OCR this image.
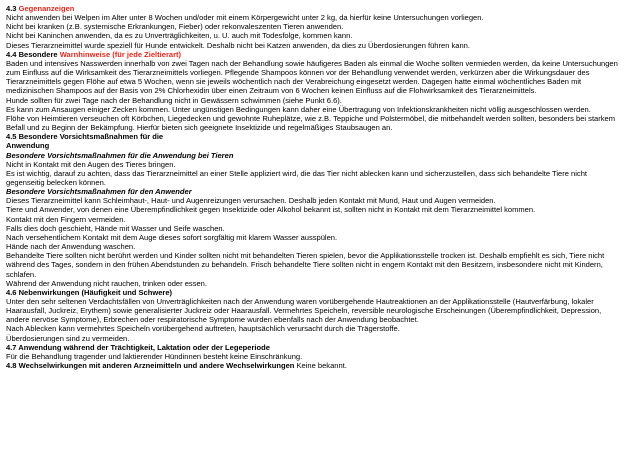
4.3 Gegenanzeigen
Nicht anwenden bei Welpen im Alter unter 8 Wochen und/oder mit einem Körpergewicht unter 2 kg, da hierfür keine Untersuchungen vorliegen.
Nicht bei kranken (z.B. systemische Erkrankungen, Fieber) oder rekonvaleszenten Tieren anwenden.
Nicht bei Kaninchen anwenden, da es zu Unverträglichkeiten, u. U. auch mit Todesfolge, kommen kann.
Dieses Tierarzneimittel wurde speziell für Hunde entwickelt. Deshalb nicht bei Katzen anwenden, da dies zu Überdosierungen führen kann.
4.4 Besondere Warnhinweise (für jede Zieltierart)
Baden und intensives Nasswerden innerhalb von zwei Tagen nach der Behandlung sowie häufigeres Baden als einmal die Woche sollten vermieden werden, da keine Untersuchungen zum Einfluss auf die Wirksamkeit des Tierarzneimittels vorliegen. Pflegende Shampoos können vor der Behandlung verwendet werden, verkürzen aber die Wirkungsdauer des Tierarzneimittels gegen Flöhe auf etwa 5 Wochen, wenn sie jeweils wöchentlich nach der Verabreichung eingesetzt werden. Dagegen hatte einmal wöchentliches Baden mit medizinischen Shampoos auf der Basis von 2% Chlorhexidin über einen Zeitraum von 6 Wochen keinen Einfluss auf die Flohwirksamkeit des Tierarzneimittels.
Hunde sollten für zwei Tage nach der Behandlung nicht in Gewässern schwimmen (siehe Punkt 6.6).
Es kann zum Ansaugen einiger Zecken kommen. Unter ungünstigen Bedingungen kann daher eine Übertragung von Infektionskrankheiten nicht völlig ausgeschlossen werden.
Flöhe von Heimtieren verseuchen oft Körbchen, Liegedecken und gewohnte Ruheplätze, wie z.B. Teppiche und Polstermöbel, die mitbehandelt werden sollten, besonders bei starkem Befall und zu Beginn der Bekämpfung. Hierfür bieten sich geeignete Insektizide und regelmäßiges Staubsaugen an.
4.5 Besondere Vorsichtsmaßnahmen für die
Anwendung
Besondere Vorsichtsmaßnahmen für die Anwendung bei Tieren
Nicht in Kontakt mit den Augen des Tieres bringen.
Es ist wichtig, darauf zu achten, dass das Tierarzneimittel an einer Stelle appliziert wird, die das Tier nicht ablecken kann und sicherzustellen, dass sich behandelte Tiere nicht gegenseitig belecken können.
Besondere Vorsichtsmaßnahmen für den Anwender
Dieses Tierarzneimittel kann Schleimhaut-, Haut- und Augenreizungen verursachen. Deshalb jeden Kontakt mit Mund, Haut und Augen vermeiden.
Tiere und Anwender, von denen eine Überempfindlichkeit gegen Insektizide oder Alkohol bekannt ist, sollten nicht in Kontakt mit dem Tierarzneimittel kommen.
Kontakt mit den Fingern vermeiden.
Falls dies doch geschieht, Hände mit Wasser und Seife waschen.
Nach versehentlichem Kontakt mit dem Auge dieses sofort sorgfältig mit klarem Wasser ausspülen.
Hände nach der Anwendung waschen.
Behandelte Tiere sollten nicht berührt werden und Kinder sollten nicht mit behandelten Tieren spielen, bevor die Applikationsstelle trocken ist. Deshalb empfiehlt es sich, Tiere nicht während des Tages, sondern in den frühen Abendstunden zu behandeln. Frisch behandelte Tiere sollten nicht in engem Kontakt mit den Besitzern, insbesondere nicht mit Kindern, schlafen.
Während der Anwendung nicht rauchen, trinken oder essen.
4.6 Nebenwirkungen (Häufigkeit und Schwere)
Unter den sehr seltenen Verdachtsfällen von Unverträglichkeiten nach der Anwendung waren vorübergehende Hautreaktionen an der Applikationsstelle (Hautverfärbung, lokaler Haarausfall, Juckreiz, Erythem) sowie generalisierter Juckreiz oder Haarausfall. Vermehrtes Speicheln, reversible neurologische Erscheinungen (Überempfindlichkeit, Depression, andere nervöse Symptome), Erbrechen oder respiratorische Symptome wurden ebenfalls nach der Anwendung beobachtet.
Nach Ablecken kann vermehrtes Speicheln vorübergehend auftreten, hauptsächlich verursacht durch die Trägerstoffe.
Überdosierungen sind zu vermeiden.
4.7 Anwendung während der Trächtigkeit, Laktation oder der Legeperiode
Für die Behandlung tragender und laktierender Hündinnen besteht keine Einschränkung.
4.8 Wechselwirkungen mit anderen Arzneimitteln und andere Wechselwirkungen Keine bekannt.
